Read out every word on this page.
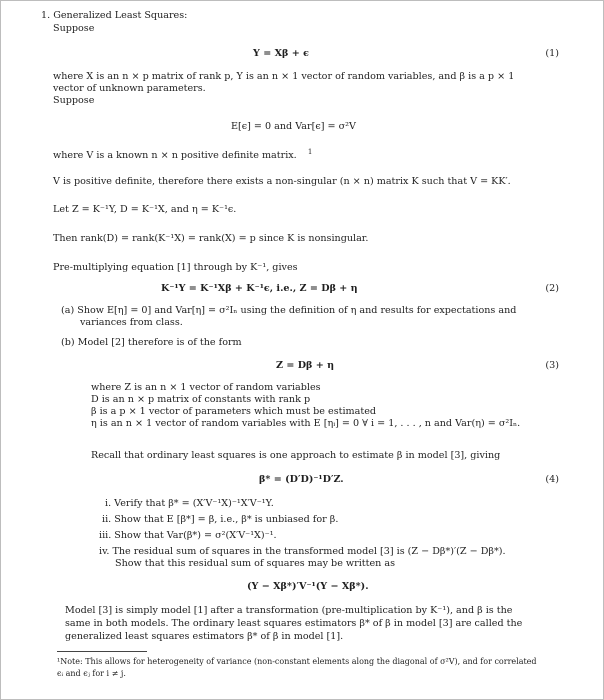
1. Generalized Least Squares:
Suppose
Y = Xβ + ϵ	(1)
where X is an n × p matrix of rank p, Y is an n × 1 vector of random variables, and β is a p × 1
vector of unknown parameters.
Suppose
E[ϵ] = 0 and Var[ϵ] = σ²V
where V is a known n × n positive definite matrix. $^1$
V is positive definite, therefore there exists a non-singular (n × n) matrix K such that V = KK′.
Let Z = K⁻¹Y, D = K⁻¹X, and η = K⁻¹ϵ.
Then rank(D) = rank(K⁻¹X) = rank(X) = p since K is nonsingular.
Pre-multiplying equation [1] through by K⁻¹, gives
K⁻¹Y = K⁻¹Xβ + K⁻¹ϵ, i.e., Z = Dβ + η	(2)
(a) Show E[η] = 0] and Var[η] = σ²Iₙ using the definition of η and results for expectations and
variances from class.
(b) Model [2] therefore is of the form
Z = Dβ + η	(3)
where Z is an n × 1 vector of random variables
D is an n × p matrix of constants with rank p
β is a p × 1 vector of parameters which must be estimated
η is an n × 1 vector of random variables with E [ηᵢ] = 0 ∀ i = 1, . . . , n and Var(η) = σ²Iₙ.
Recall that ordinary least squares is one approach to estimate β in model [3], giving
β* = (D′D)⁻¹D′Z.	(4)
i. Verify that β* = (X′V⁻¹X)⁻¹X′V⁻¹Y.
ii. Show that E [β*] = β, i.e., β* is unbiased for β.
iii. Show that Var(β*) = σ²(X′V⁻¹X)⁻¹.
iv. The residual sum of squares in the transformed model [3] is (Z − Dβ*)′(Z − Dβ*).
Show that this residual sum of squares may be written as
(Y − Xβ*)′V⁻¹(Y − Xβ*).
Model [3] is simply model [1] after a transformation (pre-multiplication by K⁻¹), and β is the
same in both models. The ordinary least squares estimators β* of β in model [3] are called the
generalized least squares estimators β* of β in model [1].
¹Note: This allows for heterogeneity of variance (non-constant elements along the diagonal of σ²V), and for correlated
ϵᵢ and ϵⱼ for i ≠ j.
